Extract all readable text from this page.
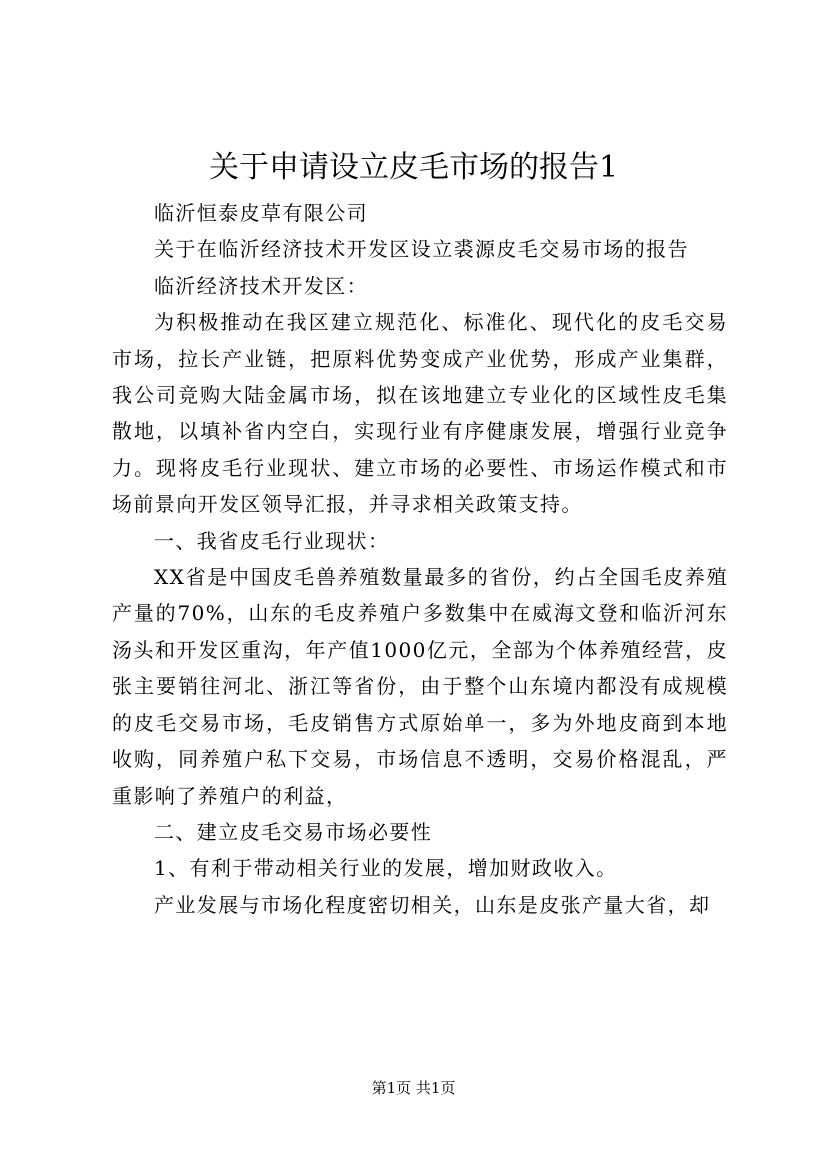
关于申请设立皮毛市场的报告1

临沂恒泰皮草有限公司

关于在临沂经济技术开发区设立裘源皮毛交易市场的报告

临沂经济技术开发区：

为积极推动在我区建立规范化、标准化、现代化的皮毛交易市场，拉长产业链，把原料优势变成产业优势，形成产业集群，我公司竞购大陆金属市场，拟在该地建立专业化的区域性皮毛集散地，以填补省内空白，实现行业有序健康发展，增强行业竞争力。现将皮毛行业现状、建立市场的必要性、市场运作模式和市场前景向开发区领导汇报，并寻求相关政策支持。

一、我省皮毛行业现状：

XX省是中国皮毛兽养殖数量最多的省份，约占全国毛皮养殖产量的70%，山东的毛皮养殖户多数集中在威海文登和临沂河东汤头和开发区重沟，年产值1000亿元，全部为个体养殖经营，皮张主要销往河北、浙江等省份，由于整个山东境内都没有成规模的皮毛交易市场，毛皮销售方式原始单一，多为外地皮商到本地收购，同养殖户私下交易，市场信息不透明，交易价格混乱，严重影响了养殖户的利益，

二、建立皮毛交易市场必要性

1、有利于带动相关行业的发展，增加财政收入。

产业发展与市场化程度密切相关，山东是皮张产量大省，却

第1页 共1页
